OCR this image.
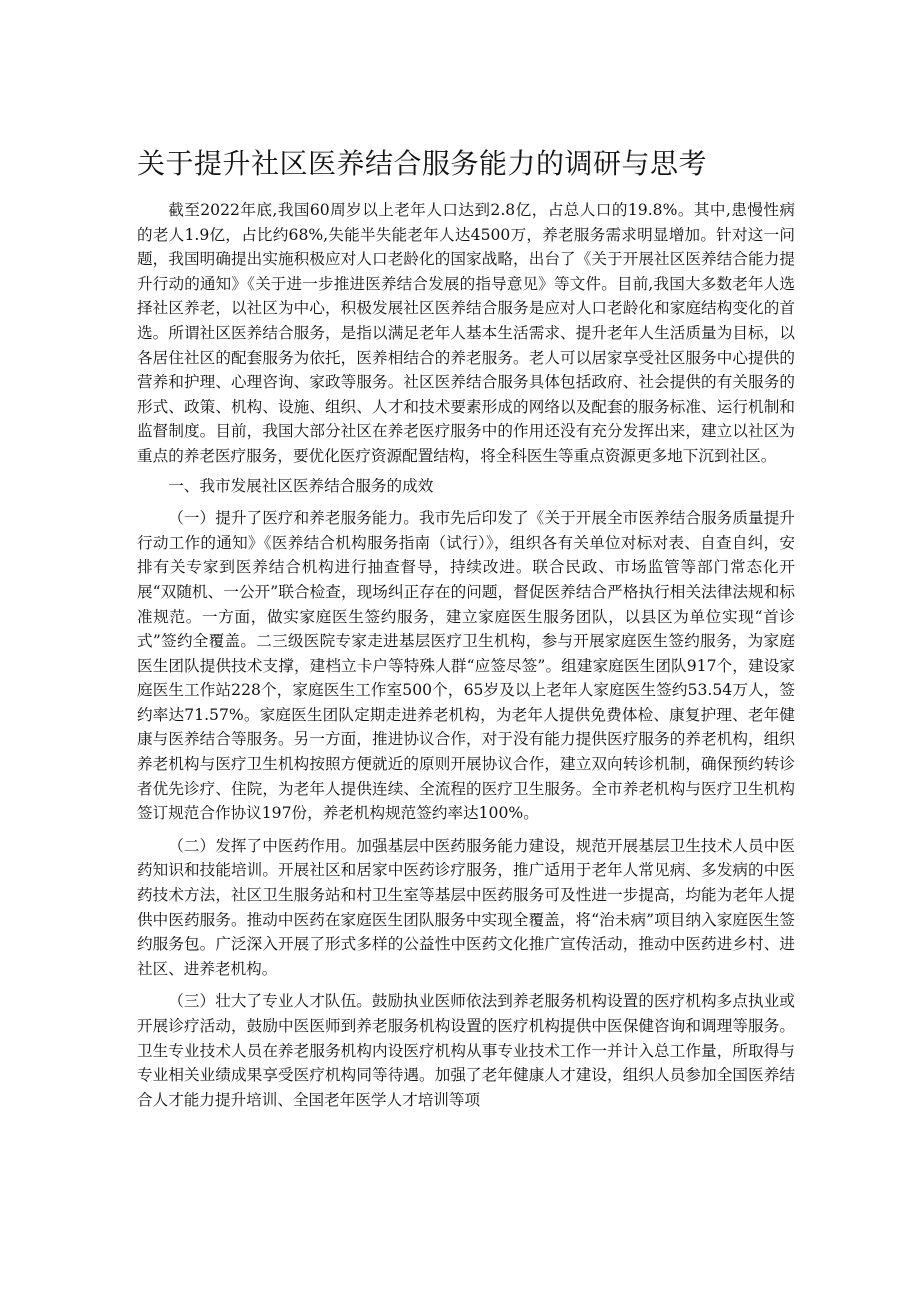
关于提升社区医养结合服务能力的调研与思考

截至2022年底,我国60周岁以上老年人口达到2.8亿，占总人口的19.8%。其中,患慢性病的老人1.9亿，占比约68%,失能半失能老年人达4500万，养老服务需求明显增加。针对这一问题，我国明确提出实施积极应对人口老龄化的国家战略，出台了《关于开展社区医养结合能力提升行动的通知》《关于进一步推进医养结合发展的指导意见》等文件。目前,我国大多数老年人选择社区养老，以社区为中心，积极发展社区医养结合服务是应对人口老龄化和家庭结构变化的首选。所谓社区医养结合服务，是指以满足老年人基本生活需求、提升老年人生活质量为目标，以各居住社区的配套服务为依托，医养相结合的养老服务。老人可以居家享受社区服务中心提供的营养和护理、心理咨询、家政等服务。社区医养结合服务具体包括政府、社会提供的有关服务的形式、政策、机构、设施、组织、人才和技术要素形成的网络以及配套的服务标准、运行机制和监督制度。目前，我国大部分社区在养老医疗服务中的作用还没有充分发挥出来，建立以社区为重点的养老医疗服务，要优化医疗资源配置结构，将全科医生等重点资源更多地下沉到社区。

一、我市发展社区医养结合服务的成效

（一）提升了医疗和养老服务能力。我市先后印发了《关于开展全市医养结合服务质量提升行动工作的通知》《医养结合机构服务指南（试行）》，组织各有关单位对标对表、自查自纠，安排有关专家到医养结合机构进行抽查督导，持续改进。联合民政、市场监管等部门常态化开展“双随机、一公开”联合检查，现场纠正存在的问题，督促医养结合严格执行相关法律法规和标准规范。一方面，做实家庭医生签约服务，建立家庭医生服务团队，以县区为单位实现“首诊式”签约全覆盖。二三级医院专家走进基层医疗卫生机构，参与开展家庭医生签约服务，为家庭医生团队提供技术支撑，建档立卡户等特殊人群“应签尽签”。组建家庭医生团队917个，建设家庭医生工作站228个，家庭医生工作室500个，65岁及以上老年人家庭医生签约53.54万人，签约率达71.57%。家庭医生团队定期走进养老机构，为老年人提供免费体检、康复护理、老年健康与医养结合等服务。另一方面，推进协议合作，对于没有能力提供医疗服务的养老机构，组织养老机构与医疗卫生机构按照方便就近的原则开展协议合作，建立双向转诊机制，确保预约转诊者优先诊疗、住院，为老年人提供连续、全流程的医疗卫生服务。全市养老机构与医疗卫生机构签订规范合作协议197份，养老机构规范签约率达100%。

（二）发挥了中医药作用。加强基层中医药服务能力建设，规范开展基层卫生技术人员中医药知识和技能培训。开展社区和居家中医药诊疗服务，推广适用于老年人常见病、多发病的中医药技术方法，社区卫生服务站和村卫生室等基层中医药服务可及性进一步提高，均能为老年人提供中医药服务。推动中医药在家庭医生团队服务中实现全覆盖，将“治未病”项目纳入家庭医生签约服务包。广泛深入开展了形式多样的公益性中医药文化推广宣传活动，推动中医药进乡村、进社区、进养老机构。

（三）壮大了专业人才队伍。鼓励执业医师依法到养老服务机构设置的医疗机构多点执业或开展诊疗活动，鼓励中医医师到养老服务机构设置的医疗机构提供中医保健咨询和调理等服务。卫生专业技术人员在养老服务机构内设医疗机构从事专业技术工作一并计入总工作量，所取得与专业相关业绩成果享受医疗机构同等待遇。加强了老年健康人才建设，组织人员参加全国医养结合人才能力提升培训、全国老年医学人才培训等项
